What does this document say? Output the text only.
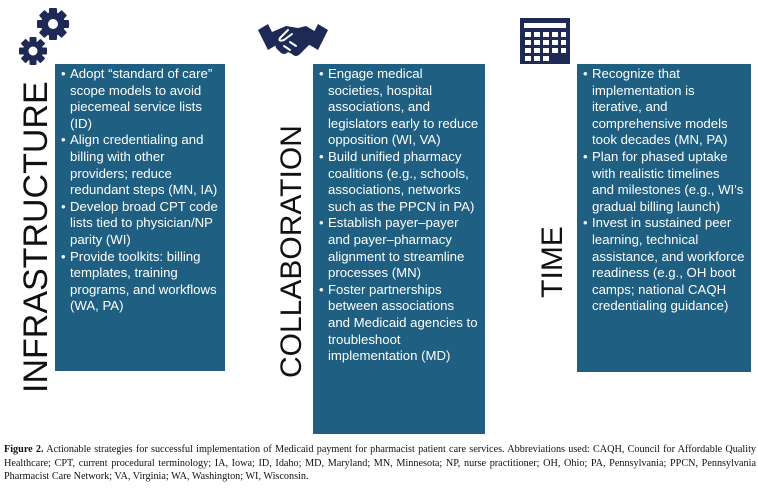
INFRASTRUCTURE	COLLABORATION	TIME
• Adopt “standard of care” scope models to avoid piecemeal service lists (ID)
• Align credentialing and billing with other providers; reduce redundant steps (MN, IA)
• Develop broad CPT code lists tied to physician/NP parity (WI)
• Provide toolkits: billing templates, training programs, and workflows (WA, PA)
• Engage medical societies, hospital associations, and legislators early to reduce opposition (WI, VA)
• Build unified pharmacy coalitions (e.g., schools, associations, networks such as the PPCN in PA)
• Establish payer–payer and payer–pharmacy alignment to streamline processes (MN)
• Foster partnerships between associations and Medicaid agencies to troubleshoot implementation (MD)
• Recognize that implementation is iterative, and comprehensive models took decades (MN, PA)
• Plan for phased uptake with realistic timelines and milestones (e.g., WI's gradual billing launch)
• Invest in sustained peer learning, technical assistance, and workforce readiness (e.g., OH boot camps; national CAQH credentialing guidance)
Figure 2. Actionable strategies for successful implementation of Medicaid payment for pharmacist patient care services. Abbreviations used: CAQH, Council for Affordable Quality Healthcare; CPT, current procedural terminology; IA, Iowa; ID, Idaho; MD, Maryland; MN, Minnesota; NP, nurse practitioner; OH, Ohio; PA, Pennsylvania; PPCN, Pennsylvania Pharmacist Care Network; VA, Virginia; WA, Washington; WI, Wisconsin.
